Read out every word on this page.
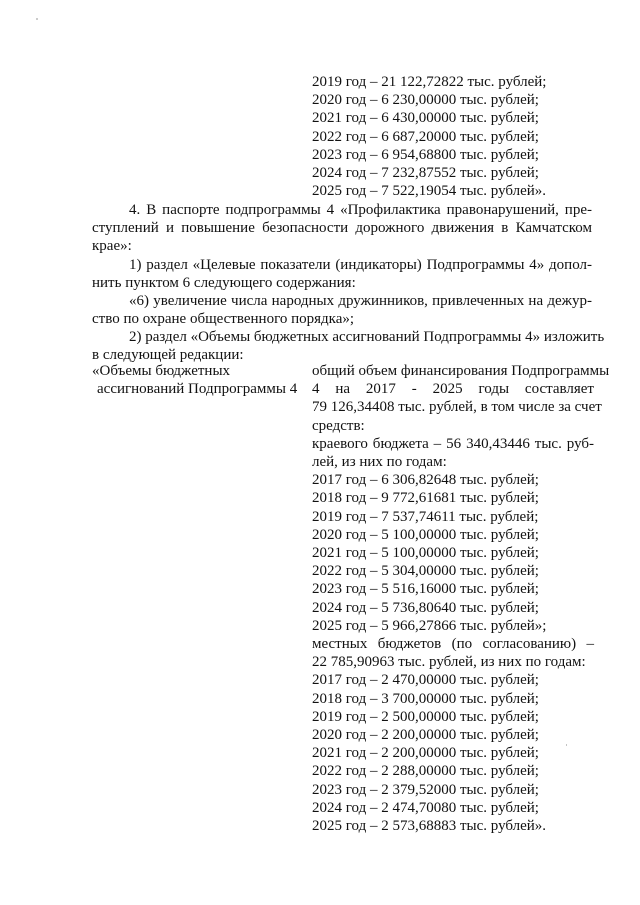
2019 год – 21 122,72822 тыс. рублей;
2020 год – 6 230,00000 тыс. рублей;
2021 год – 6 430,00000 тыс. рублей;
2022 год – 6 687,20000 тыс. рублей;
2023 год – 6 954,68800 тыс. рублей;
2024 год – 7 232,87552 тыс. рублей;
2025 год – 7 522,19054 тыс. рублей».
4. В паспорте подпрограммы 4 «Профилактика правонарушений, пре-
ступлений и повышение безопасности дорожного движения в Камчатском
крае»:
1) раздел «Целевые показатели (индикаторы) Подпрограммы 4» допол-
нить пунктом 6 следующего содержания:
«6) увеличение числа народных дружинников, привлеченных на дежур-
ство по охране общественного порядка»;
2) раздел «Объемы бюджетных ассигнований Подпрограммы 4» изложить
в следующей редакции:
«Объемы бюджетных
ассигнований Подпрограммы 4
общий объем финансирования Подпрограммы
4 на 2017 - 2025 годы составляет
79 126,34408 тыс. рублей, в том числе за счет
средств:
краевого бюджета – 56 340,43446 тыс. руб-
лей, из них по годам:
2017 год – 6 306,82648 тыс. рублей;
2018 год – 9 772,61681 тыс. рублей;
2019 год – 7 537,74611 тыс. рублей;
2020 год – 5 100,00000 тыс. рублей;
2021 год – 5 100,00000 тыс. рублей;
2022 год – 5 304,00000 тыс. рублей;
2023 год – 5 516,16000 тыс. рублей;
2024 год – 5 736,80640 тыс. рублей;
2025 год – 5 966,27866 тыс. рублей»;
местных бюджетов (по согласованию) –
22 785,90963 тыс. рублей, из них по годам:
2017 год – 2 470,00000 тыс. рублей;
2018 год – 3 700,00000 тыс. рублей;
2019 год – 2 500,00000 тыс. рублей;
2020 год – 2 200,00000 тыс. рублей;
2021 год – 2 200,00000 тыс. рублей;
2022 год – 2 288,00000 тыс. рублей;
2023 год – 2 379,52000 тыс. рублей;
2024 год – 2 474,70080 тыс. рублей;
2025 год – 2 573,68883 тыс. рублей».
